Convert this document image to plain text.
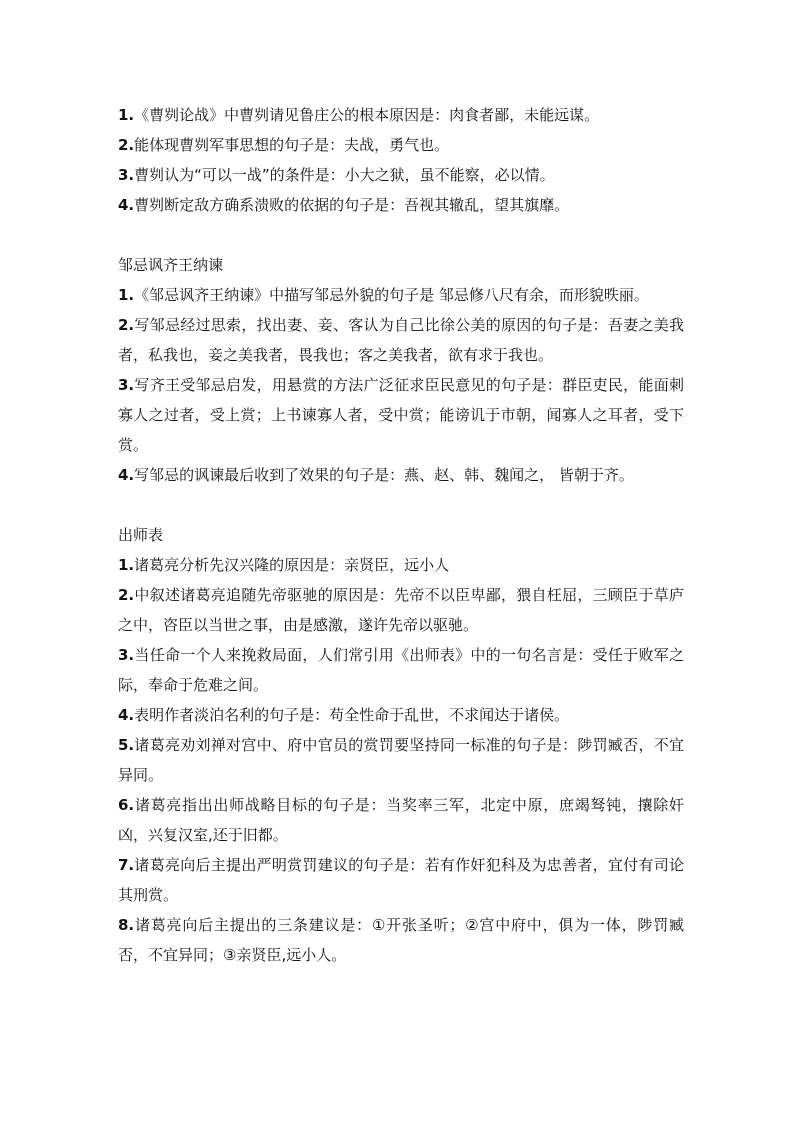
1.《曹刿论战》中曹刿请见鲁庄公的根本原因是：肉食者鄙，未能远谋。

2.能体现曹刿军事思想的句子是：夫战，勇气也。

3.曹刿认为“可以一战”的条件是：小大之狱，虽不能察，必以情。

4.曹刿断定敌方确系溃败的依据的句子是：吾视其辙乱，望其旗靡。

邹忌讽齐王纳谏

1.《邹忌讽齐王纳谏》中描写邹忌外貌的句子是 邹忌修八尺有余，而形貌昳丽。

2.写邹忌经过思索，找出妻、妾、客认为自己比徐公美的原因的句子是：吾妻之美我者，私我也，妾之美我者，畏我也；客之美我者，欲有求于我也。

3.写齐王受邹忌启发，用悬赏的方法广泛征求臣民意见的句子是：群臣吏民，能面刺寡人之过者，受上赏；上书谏寡人者，受中赏；能谤讥于市朝，闻寡人之耳者，受下赏。

4.写邹忌的讽谏最后收到了效果的句子是：燕、赵、韩、魏闻之， 皆朝于齐。

出师表

1.诸葛亮分析先汉兴隆的原因是：亲贤臣，远小人

2.中叙述诸葛亮追随先帝驱驰的原因是：先帝不以臣卑鄙，猥自枉屈，三顾臣于草庐之中，咨臣以当世之事，由是感激，遂许先帝以驱驰。

3.当任命一个人来挽救局面，人们常引用《出师表》中的一句名言是：受任于败军之际，奉命于危难之间。

4.表明作者淡泊名利的句子是：苟全性命于乱世，不求闻达于诸侯。

5.诸葛亮劝刘禅对宫中、府中官员的赏罚要坚持同一标准的句子是：陟罚臧否，不宜异同。

6.诸葛亮指出出师战略目标的句子是：当奖率三军，北定中原，庶竭驽钝，攘除奸凶，兴复汉室,还于旧都。

7.诸葛亮向后主提出严明赏罚建议的句子是：若有作奸犯科及为忠善者，宜付有司论其刑赏。

8.诸葛亮向后主提出的三条建议是：①开张圣听；②宫中府中，俱为一体，陟罚臧否，不宜异同；③亲贤臣,远小人。
